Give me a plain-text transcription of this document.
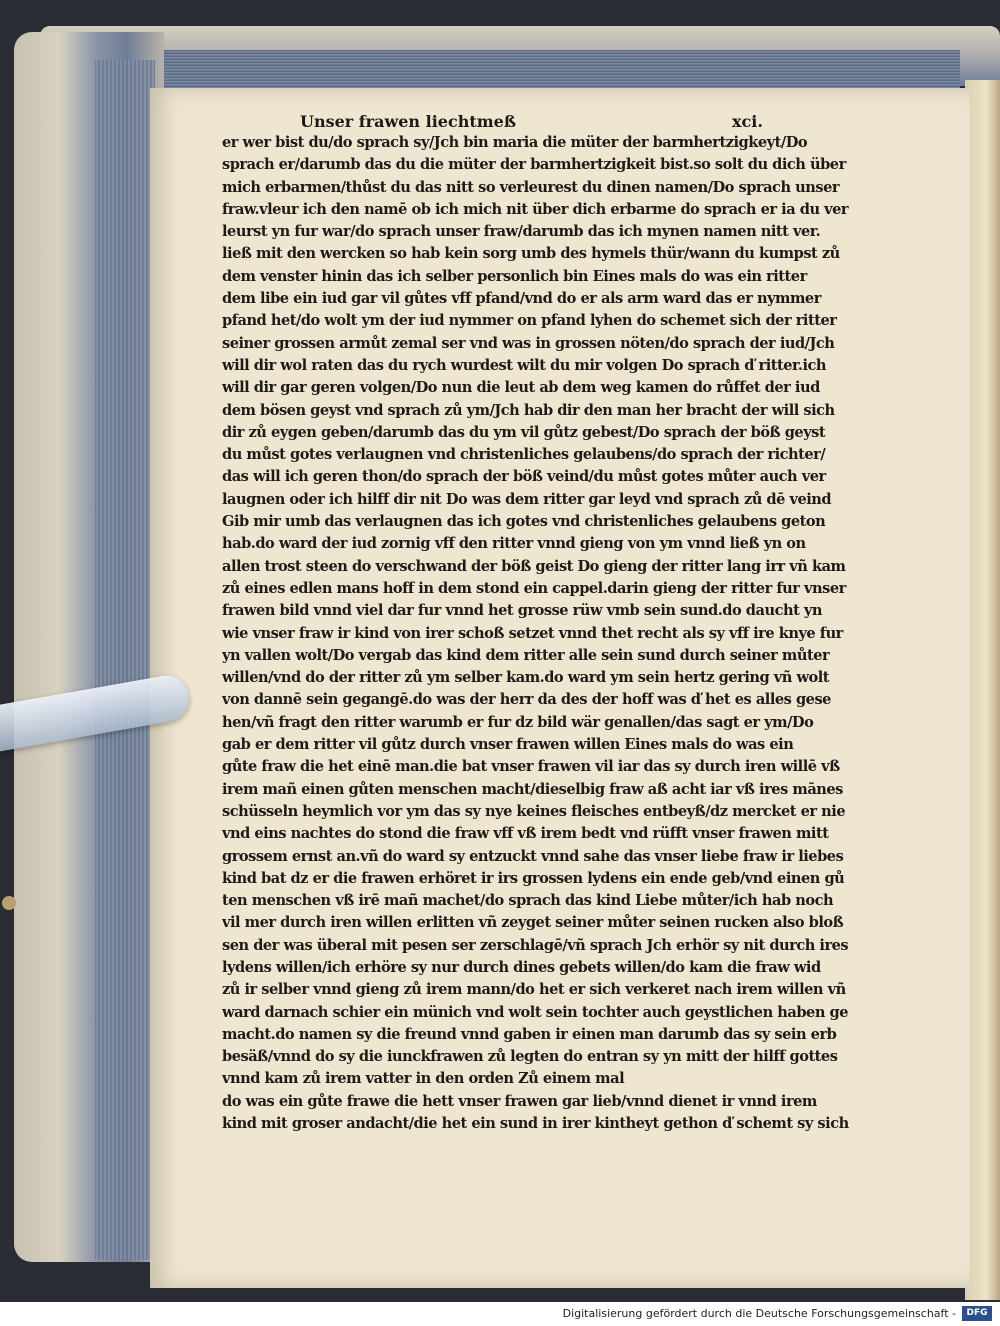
Unser frawen liechtmeß	xci.
er wer bist du/do sprach sy/Jch bin maria die müter der barmhertzigkeyt/Do
sprach er/darumb das du die müter der barmhertzigkeit bist.so solt du dich über
mich erbarmen/thůst du das nitt so verleurest du dinen namen/Do sprach unser
fraw.vleur ich den namē ob ich mich nit über dich erbarme do sprach er ia du ver
leurst yn fur war/do sprach unser fraw/darumb das ich mynen namen nitt ver.
ließ mit den wercken so hab kein sorg umb des hymels thür/wann du kumpst zů
dem venster hinin das ich selber personlich bin Eines mals do was ein ritter
dem libe ein iud gar vil gůtes vff pfand/vnd do er als arm ward das er nymmer
pfand het/do wolt ym der iud nymmer on pfand lyhen do schemet sich der ritter
seiner grossen armůt zemal ser vnd was in grossen nöten/do sprach der iud/Jch
will dir wol raten das du rych wurdest wilt du mir volgen Do sprach ď ritter.ich
will dir gar geren volgen/Do nun die leut ab dem weg kamen do růffet der iud
dem bösen geyst vnd sprach zů ym/Jch hab dir den man her bracht der will sich
dir zů eygen geben/darumb das du ym vil gůtz gebest/Do sprach der böß geyst
du můst gotes verlaugnen vnd christenliches gelaubens/do sprach der richter/
das will ich geren thon/do sprach der böß veind/du můst gotes můter auch ver
laugnen oder ich hilff dir nit Do was dem ritter gar leyd vnd sprach zů dē veind
Gib mir umb das verlaugnen das ich gotes vnd christenliches gelaubens geton
hab.do ward der iud zornig vff den ritter vnnd gieng von ym vnnd ließ yn on
allen trost steen do verschwand der böß geist Do gieng der ritter lang irr vñ kam
zů eines edlen mans hoff in dem stond ein cappel.darin gieng der ritter fur vnser
frawen bild vnnd viel dar fur vnnd het grosse rüw vmb sein sund.do daucht yn
wie vnser fraw ir kind von irer schoß setzet vnnd thet recht als sy vff ire knye fur
yn vallen wolt/Do vergab das kind dem ritter alle sein sund durch seiner můter
willen/vnd do der ritter zů ym selber kam.do ward ym sein hertz gering vñ wolt
von dannē sein gegangē.do was der herr da des der hoff was ď het es alles gese
hen/vñ fragt den ritter warumb er fur dz bild wär genallen/das sagt er ym/Do
gab er dem ritter vil gůtz durch vnser frawen willen Eines mals do was ein
gůte fraw die het einē man.die bat vnser frawen vil iar das sy durch iren willē vß
irem mañ einen gůten menschen macht/dieselbig fraw aß acht iar vß ires mānes
schüsseln heymlich vor ym das sy nye keines fleisches entbeyß/dz mercket er nie
vnd eins nachtes do stond die fraw vff vß irem bedt vnd rüfft vnser frawen mitt
grossem ernst an.vñ do ward sy entzuckt vnnd sahe das vnser liebe fraw ir liebes
kind bat dz er die frawen erhöret ir irs grossen lydens ein ende geb/vnd einen gů
ten menschen vß irē mañ machet/do sprach das kind Liebe můter/ich hab noch
vil mer durch iren willen erlitten vñ zeyget seiner můter seinen rucken also bloß
sen der was überal mit pesen ser zerschlagē/vñ sprach Jch erhör sy nit durch ires
lydens willen/ich erhöre sy nur durch dines gebets willen/do kam die fraw wid
zů ir selber vnnd gieng zů irem mann/do het er sich verkeret nach irem willen vñ
ward darnach schier ein münich vnd wolt sein tochter auch geystlichen haben ge
macht.do namen sy die freund vnnd gaben ir einen man darumb das sy sein erb
besäß/vnnd do sy die iunckfrawen zů legten do entran sy yn mitt der hilff gottes
vnnd kam zů irem vatter in den orden Zů einem mal
do was ein gůte frawe die hett vnser frawen gar lieb/vnnd dienet ir vnnd irem
kind mit groser andacht/die het ein sund in irer kintheyt gethon ď schemt sy sich
Digitalisierung gefördert durch die Deutsche Forschungsgemeinschaft -	DFG
